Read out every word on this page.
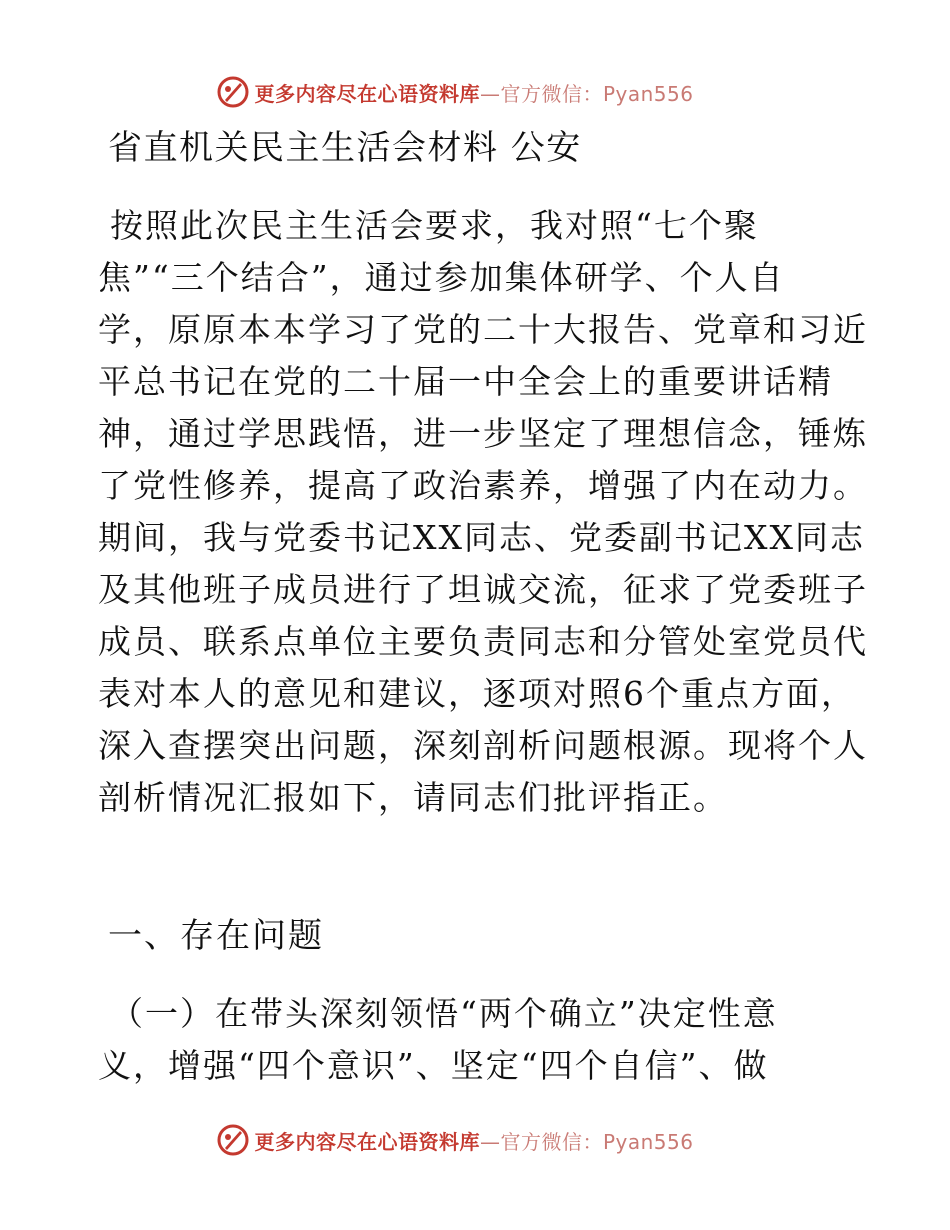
更多内容尽在心语资料库 —官方微信：Pyan556
省直机关民主生活会材料 公安
按照此次民主生活会要求，我对照“七个聚
焦”“三个结合”，通过参加集体研学、个人自
学，原原本本学习了党的二十大报告、党章和习近
平总书记在党的二十届一中全会上的重要讲话精
神，通过学思践悟，进一步坚定了理想信念，锤炼
了党性修养，提高了政治素养，增强了内在动力。
期间，我与党委书记XX同志、党委副书记XX同志
及其他班子成员进行了坦诚交流，征求了党委班子
成员、联系点单位主要负责同志和分管处室党员代
表对本人的意见和建议，逐项对照6个重点方面，
深入查摆突出问题，深刻剖析问题根源。现将个人
剖析情况汇报如下，请同志们批评指正。
一、存在问题
（一）在带头深刻领悟“两个确立”决定性意
义，增强“四个意识”、坚定“四个自信”、做
更多内容尽在心语资料库 —官方微信：Pyan556
